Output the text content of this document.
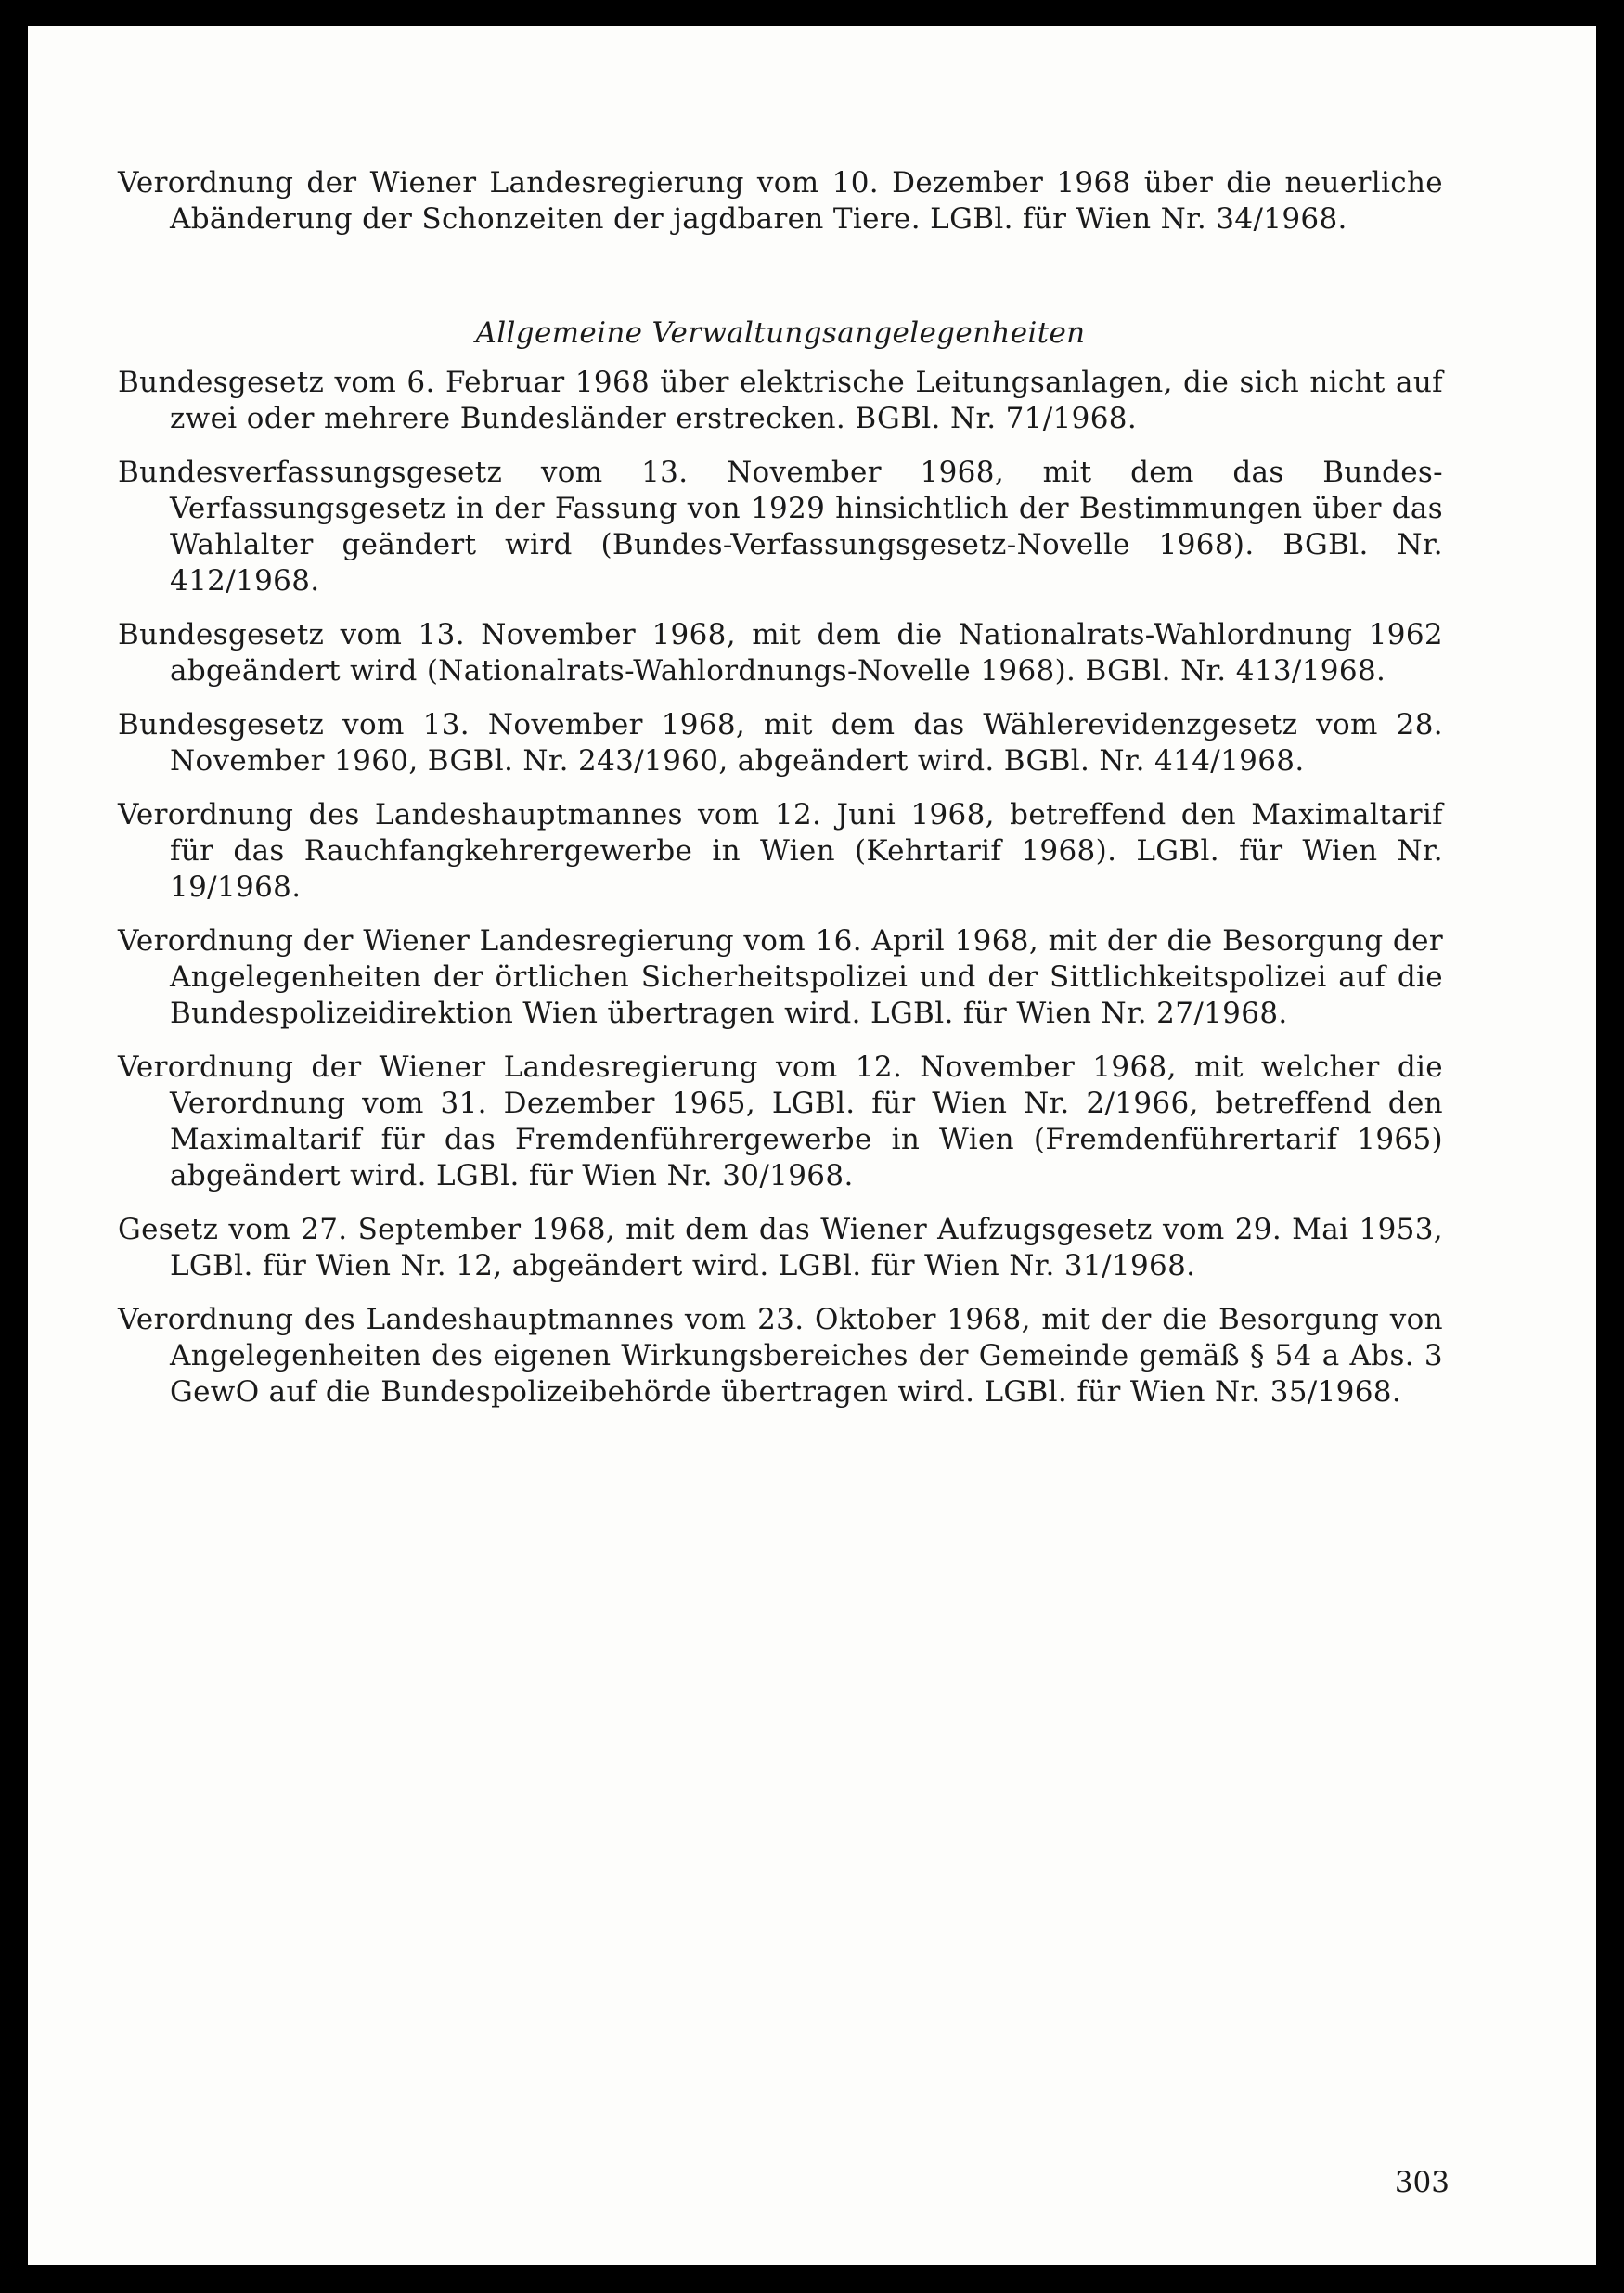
Verordnung der Wiener Landesregierung vom 10. Dezember 1968 über die neuerliche Abänderung der Schonzeiten der jagdbaren Tiere. LGBl. für Wien Nr. 34/1968.

Allgemeine Verwaltungsangelegenheiten

Bundesgesetz vom 6. Februar 1968 über elektrische Leitungsanlagen, die sich nicht auf zwei oder mehrere Bundesländer erstrecken. BGBl. Nr. 71/1968.

Bundesverfassungsgesetz vom 13. November 1968, mit dem das Bundes-Verfassungsgesetz in der Fassung von 1929 hinsichtlich der Bestimmungen über das Wahlalter geändert wird (Bundes-Verfassungsgesetz-Novelle 1968). BGBl. Nr. 412/1968.

Bundesgesetz vom 13. November 1968, mit dem die Nationalrats-Wahlordnung 1962 abgeändert wird (Nationalrats-Wahlordnungs-Novelle 1968). BGBl. Nr. 413/1968.

Bundesgesetz vom 13. November 1968, mit dem das Wählerevidenzgesetz vom 28. November 1960, BGBl. Nr. 243/1960, abgeändert wird. BGBl. Nr. 414/1968.

Verordnung des Landeshauptmannes vom 12. Juni 1968, betreffend den Maximaltarif für das Rauchfangkehrergewerbe in Wien (Kehrtarif 1968). LGBl. für Wien Nr. 19/1968.

Verordnung der Wiener Landesregierung vom 16. April 1968, mit der die Besorgung der Angelegenheiten der örtlichen Sicherheitspolizei und der Sittlichkeitspolizei auf die Bundespolizeidirektion Wien übertragen wird. LGBl. für Wien Nr. 27/1968.

Verordnung der Wiener Landesregierung vom 12. November 1968, mit welcher die Verordnung vom 31. Dezember 1965, LGBl. für Wien Nr. 2/1966, betreffend den Maximaltarif für das Fremdenführergewerbe in Wien (Fremdenführertarif 1965) abgeändert wird. LGBl. für Wien Nr. 30/1968.

Gesetz vom 27. September 1968, mit dem das Wiener Aufzugsgesetz vom 29. Mai 1953, LGBl. für Wien Nr. 12, abgeändert wird. LGBl. für Wien Nr. 31/1968.

Verordnung des Landeshauptmannes vom 23. Oktober 1968, mit der die Besorgung von Angelegenheiten des eigenen Wirkungsbereiches der Gemeinde gemäß § 54 a Abs. 3 GewO auf die Bundespolizeibehörde übertragen wird. LGBl. für Wien Nr. 35/1968.

303
